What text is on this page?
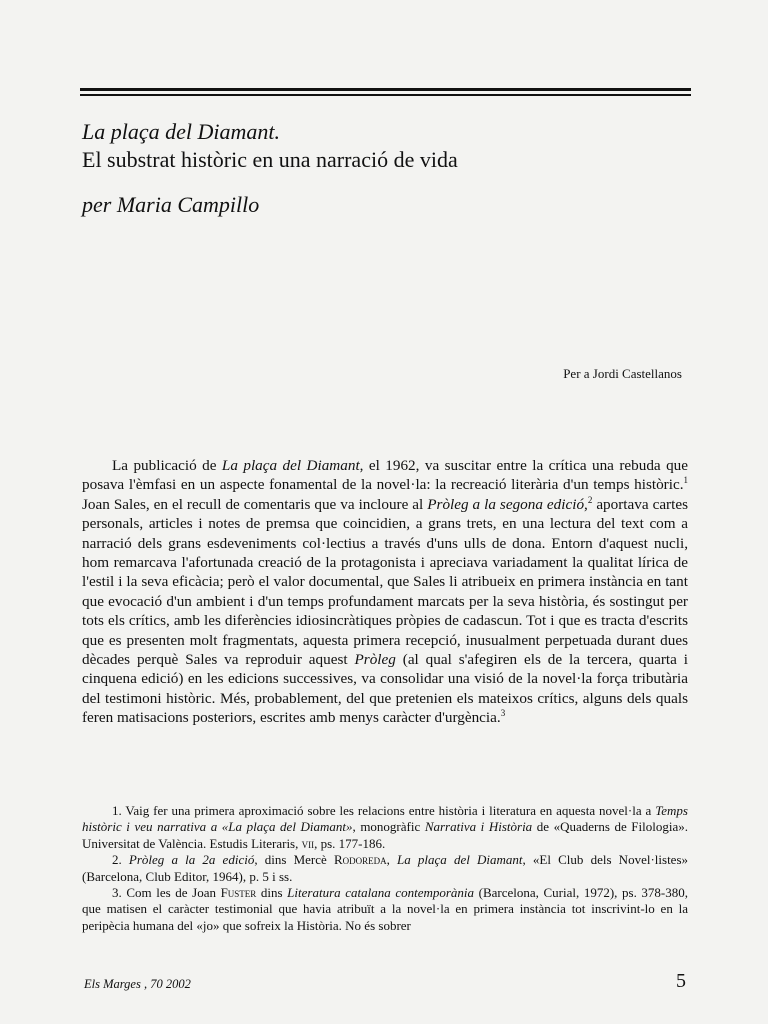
La plaça del Diamant.
El substrat històric en una narració de vida
per Maria Campillo
Per a Jordi Castellanos

La publicació de La plaça del Diamant, el 1962, va suscitar entre la crítica una rebuda que posava l'èmfasi en un aspecte fonamental de la novel·la: la recreació literària d'un temps històric.$^1$ Joan Sales, en el recull de comentaris que va incloure al Pròleg a la segona edició,$^2$ aportava cartes personals, articles i notes de premsa que coincidien, a grans trets, en una lectura del text com a narració dels grans esdeveniments col·lectius a través d'uns ulls de dona. Entorn d'aquest nucli, hom remarcava l'afortunada creació de la protagonista i apreciava variadament la qualitat lírica de l'estil i la seva eficàcia; però el valor documental, que Sales li atribueix en primera instància en tant que evocació d'un ambient i d'un temps profundament marcats per la seva història, és sostingut per tots els crítics, amb les diferències idiosincràtiques pròpies de cadascun. Tot i que es tracta d'escrits que es presenten molt fragmentats, aquesta primera recepció, inusualment perpetuada durant dues dècades perquè Sales va reproduir aquest Pròleg (al qual s'afegiren els de la tercera, quarta i cinquena edició) en les edicions successives, va consolidar una visió de la novel·la força tributària del testimoni històric. Més, probablement, del que pretenien els mateixos crítics, alguns dels quals feren matisacions posteriors, escrites amb menys caràcter d'urgència.$^3$

1. Vaig fer una primera aproximació sobre les relacions entre història i literatura en aquesta novel·la a Temps històric i veu narrativa a «La plaça del Diamant», monogràfic Narrativa i Història de «Quaderns de Filologia». Universitat de València. Estudis Literaris, vii, ps. 177-186.

2. Pròleg a la 2a edició, dins Mercè Rodoreda, La plaça del Diamant, «El Club dels Novel·listes» (Barcelona, Club Editor, 1964), p. 5 i ss.

3. Com les de Joan Fuster dins Literatura catalana contemporània (Barcelona, Curial, 1972), ps. 378-380, que matisen el caràcter testimonial que havia atribuït a la novel·la en primera instància tot inscrivint-lo en la peripècia humana del «jo» que sofreix la Història. No és sobrer

Els Marges , 70 2002	5
